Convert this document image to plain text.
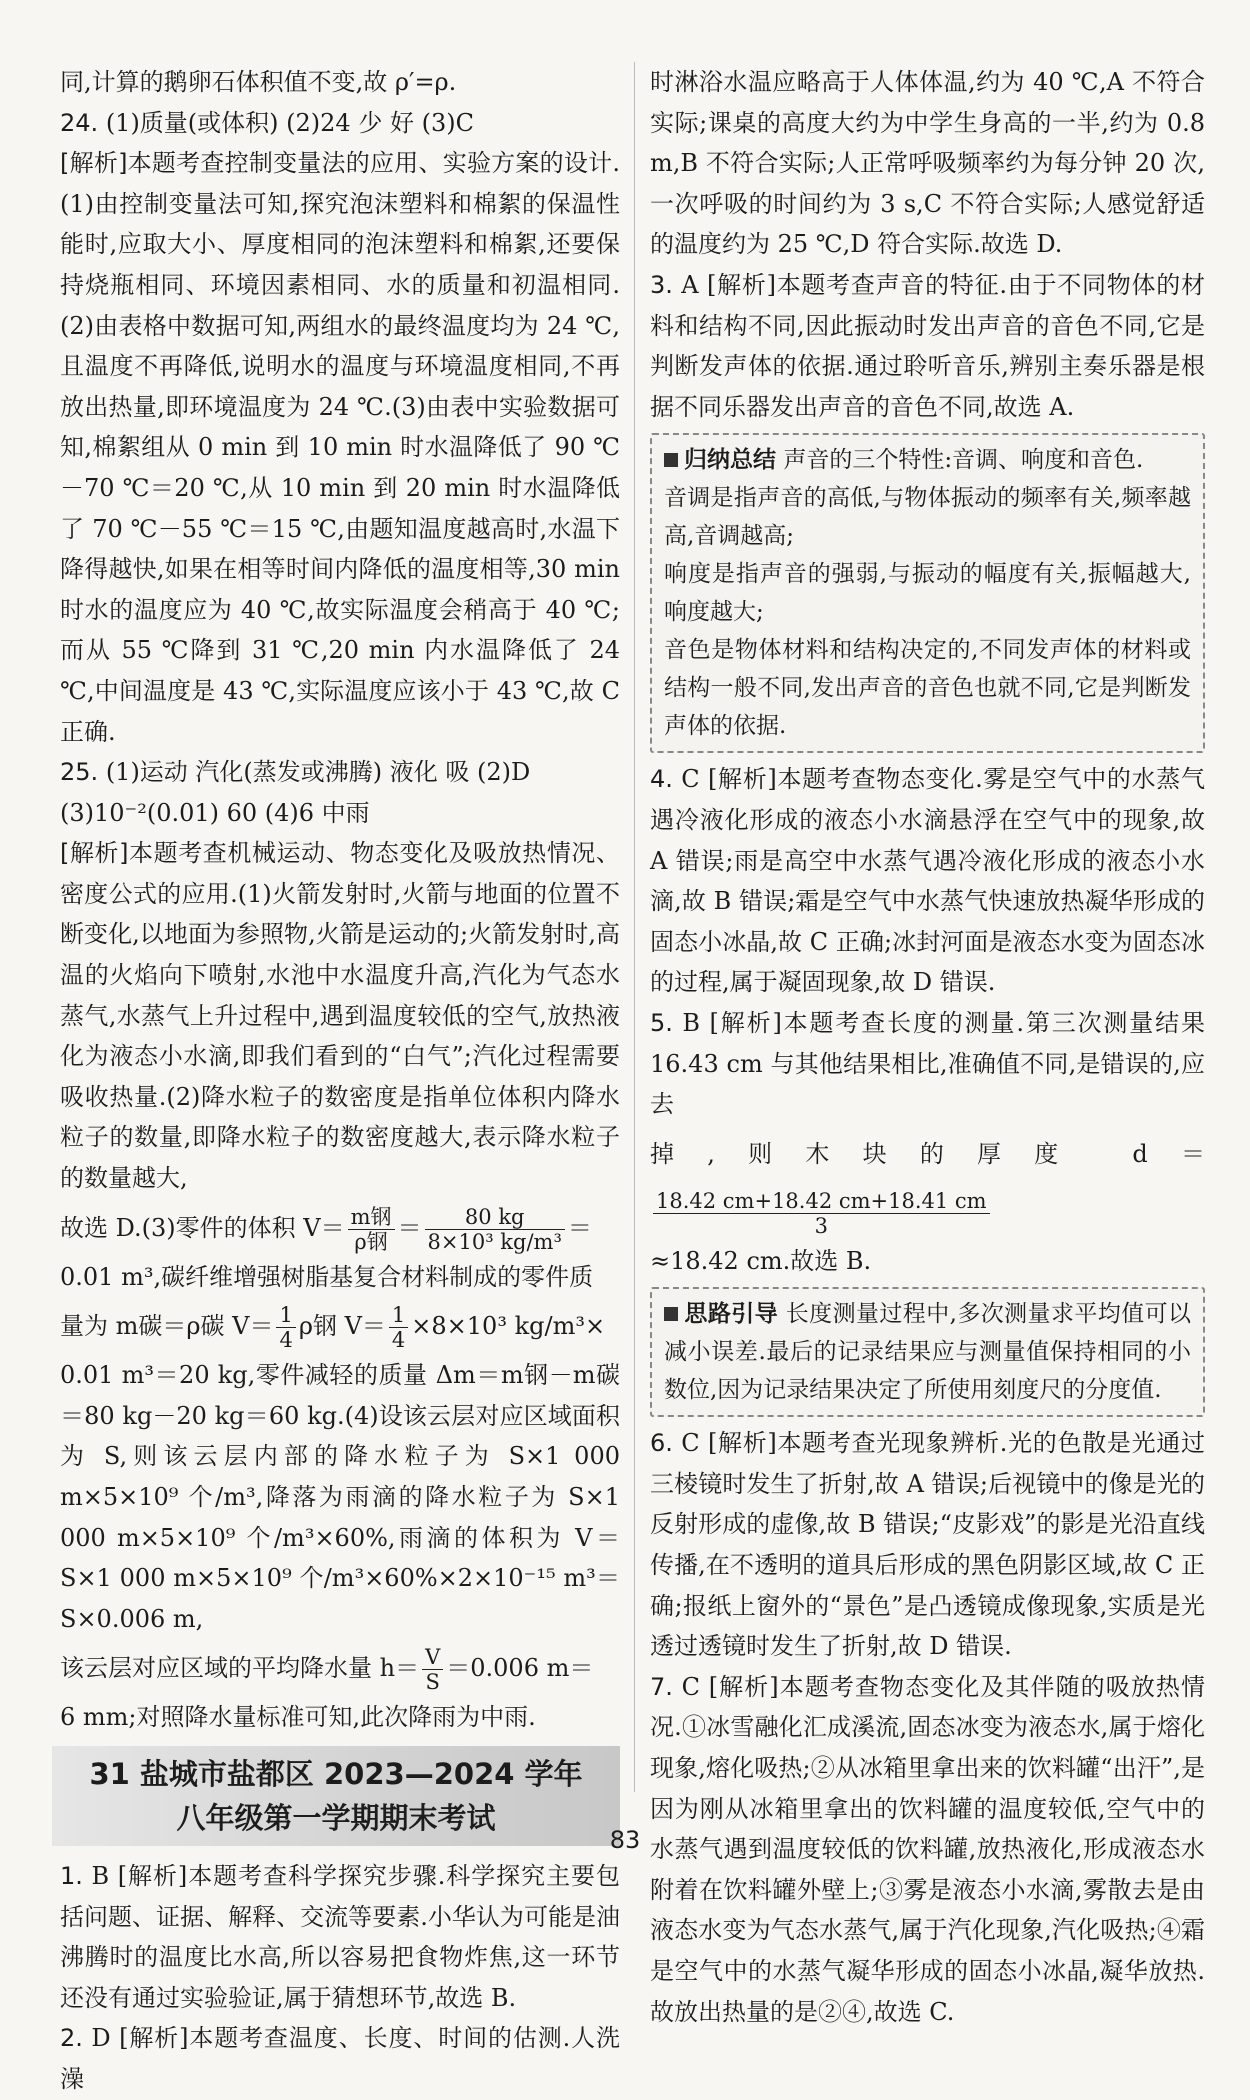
同,计算的鹅卵石体积值不变,故 ρ′=ρ.

24. (1)质量(或体积) (2)24 少 好 (3)C

[解析]本题考查控制变量法的应用、实验方案的设计.(1)由控制变量法可知,探究泡沫塑料和棉絮的保温性能时,应取大小、厚度相同的泡沫塑料和棉絮,还要保持烧瓶相同、环境因素相同、水的质量和初温相同.(2)由表格中数据可知,两组水的最终温度均为 24 ℃,且温度不再降低,说明水的温度与环境温度相同,不再放出热量,即环境温度为 24 ℃.(3)由表中实验数据可知,棉絮组从 0 min 到 10 min 时水温降低了 90 ℃－70 ℃＝20 ℃,从 10 min 到 20 min 时水温降低了 70 ℃－55 ℃＝15 ℃,由题知温度越高时,水温下降得越快,如果在相等时间内降低的温度相等,30 min 时水的温度应为 40 ℃,故实际温度会稍高于 40 ℃;而从 55 ℃降到 31 ℃,20 min 内水温降低了 24 ℃,中间温度是 43 ℃,实际温度应该小于 43 ℃,故 C 正确.

25. (1)运动 汽化(蒸发或沸腾) 液化 吸 (2)D

(3)10⁻²(0.01) 60 (4)6 中雨

[解析]本题考查机械运动、物态变化及吸放热情况、密度公式的应用.(1)火箭发射时,火箭与地面的位置不断变化,以地面为参照物,火箭是运动的;火箭发射时,高温的火焰向下喷射,水池中水温度升高,汽化为气态水蒸气,水蒸气上升过程中,遇到温度较低的空气,放热液化为液态小水滴,即我们看到的“白气”;汽化过程需要吸收热量.(2)降水粒子的数密度是指单位体积内降水粒子的数量,即降水粒子的数密度越大,表示降水粒子的数量越大,

故选 D.(3)零件的体积 $V= \frac{\text{m钢}}{\text{ρ钢}} = \frac{80 kg}{\text{8×10³ kg/m³}}$ ＝

0.01 m³,碳纤维增强树脂基复合材料制成的零件质

量为 m碳＝ρ碳 $V= \frac{1}{4}$ ρ钢 $V= \frac{1}{4} \times 8\times 10^3$ kg/m³×

0.01 m³＝20 kg,零件减轻的质量 Δm＝m钢－m碳＝80 kg－20 kg＝60 kg.(4)设该云层对应区域面积为 S,则该云层内部的降水粒子为 S×1 000 m×5×10⁹ 个/m³,降落为雨滴的降水粒子为 S×1 000 m×5×10⁹ 个/m³×60%,雨滴的体积为 V＝S×1 000 m×5×10⁹ 个/m³×60%×2×10⁻¹⁵ m³＝S×0.006 m,

该云层对应区域的平均降水量 $h= \frac{V}{S} =0.006$ m＝

6 mm;对照降水量标准可知,此次降雨为中雨.

31 盐城市盐都区 2023—2024 学年
八年级第一学期期末考试

1. B [解析]本题考查科学探究步骤.科学探究主要包括问题、证据、解释、交流等要素.小华认为可能是油沸腾时的温度比水高,所以容易把食物炸焦,这一环节还没有通过实验验证,属于猜想环节,故选 B.

2. D [解析]本题考查温度、长度、时间的估测.人洗澡

时淋浴水温应略高于人体体温,约为 40 ℃,A 不符合实际;课桌的高度大约为中学生身高的一半,约为 0.8 m,B 不符合实际;人正常呼吸频率约为每分钟 20 次,一次呼吸的时间约为 3 s,C 不符合实际;人感觉舒适的温度约为 25 ℃,D 符合实际.故选 D.

3. A [解析]本题考查声音的特征.由于不同物体的材料和结构不同,因此振动时发出声音的音色不同,它是判断发声体的依据.通过聆听音乐,辨别主奏乐器是根据不同乐器发出声音的音色不同,故选 A.

归纳总结 声音的三个特性:音调、响度和音色.

音调是指声音的高低,与物体振动的频率有关,频率越高,音调越高;

响度是指声音的强弱,与振动的幅度有关,振幅越大,响度越大;

音色是物体材料和结构决定的,不同发声体的材料或结构一般不同,发出声音的音色也就不同,它是判断发声体的依据.

4. C [解析]本题考查物态变化.雾是空气中的水蒸气遇冷液化形成的液态小水滴悬浮在空气中的现象,故 A 错误;雨是高空中水蒸气遇冷液化形成的液态小水滴,故 B 错误;霜是空气中水蒸气快速放热凝华形成的固态小冰晶,故 C 正确;冰封河面是液态水变为固态冰的过程,属于凝固现象,故 D 错误.

5. B [解析]本题考查长度的测量.第三次测量结果 16.43 cm 与其他结果相比,准确值不同,是错误的,应去

掉,则木块的厚度 d＝
$\frac{18.42 cm+18.42 cm+18.41 cm}{3}$

≈18.42 cm.故选 B.

思路引导 长度测量过程中,多次测量求平均值可以减小误差.最后的记录结果应与测量值保持相同的小数位,因为记录结果决定了所使用刻度尺的分度值.

6. C [解析]本题考查光现象辨析.光的色散是光通过三棱镜时发生了折射,故 A 错误;后视镜中的像是光的反射形成的虚像,故 B 错误;“皮影戏”的影是光沿直线传播,在不透明的道具后形成的黑色阴影区域,故 C 正确;报纸上窗外的“景色”是凸透镜成像现象,实质是光透过透镜时发生了折射,故 D 错误.

7. C [解析]本题考查物态变化及其伴随的吸放热情况.①冰雪融化汇成溪流,固态冰变为液态水,属于熔化现象,熔化吸热;②从冰箱里拿出来的饮料罐“出汗”,是因为刚从冰箱里拿出的饮料罐的温度较低,空气中的水蒸气遇到温度较低的饮料罐,放热液化,形成液态水附着在饮料罐外壁上;③雾是液态小水滴,雾散去是由液态水变为气态水蒸气,属于汽化现象,汽化吸热;④霜是空气中的水蒸气凝华形成的固态小冰晶,凝华放热.故放出热量的是②④,故选 C.

83
